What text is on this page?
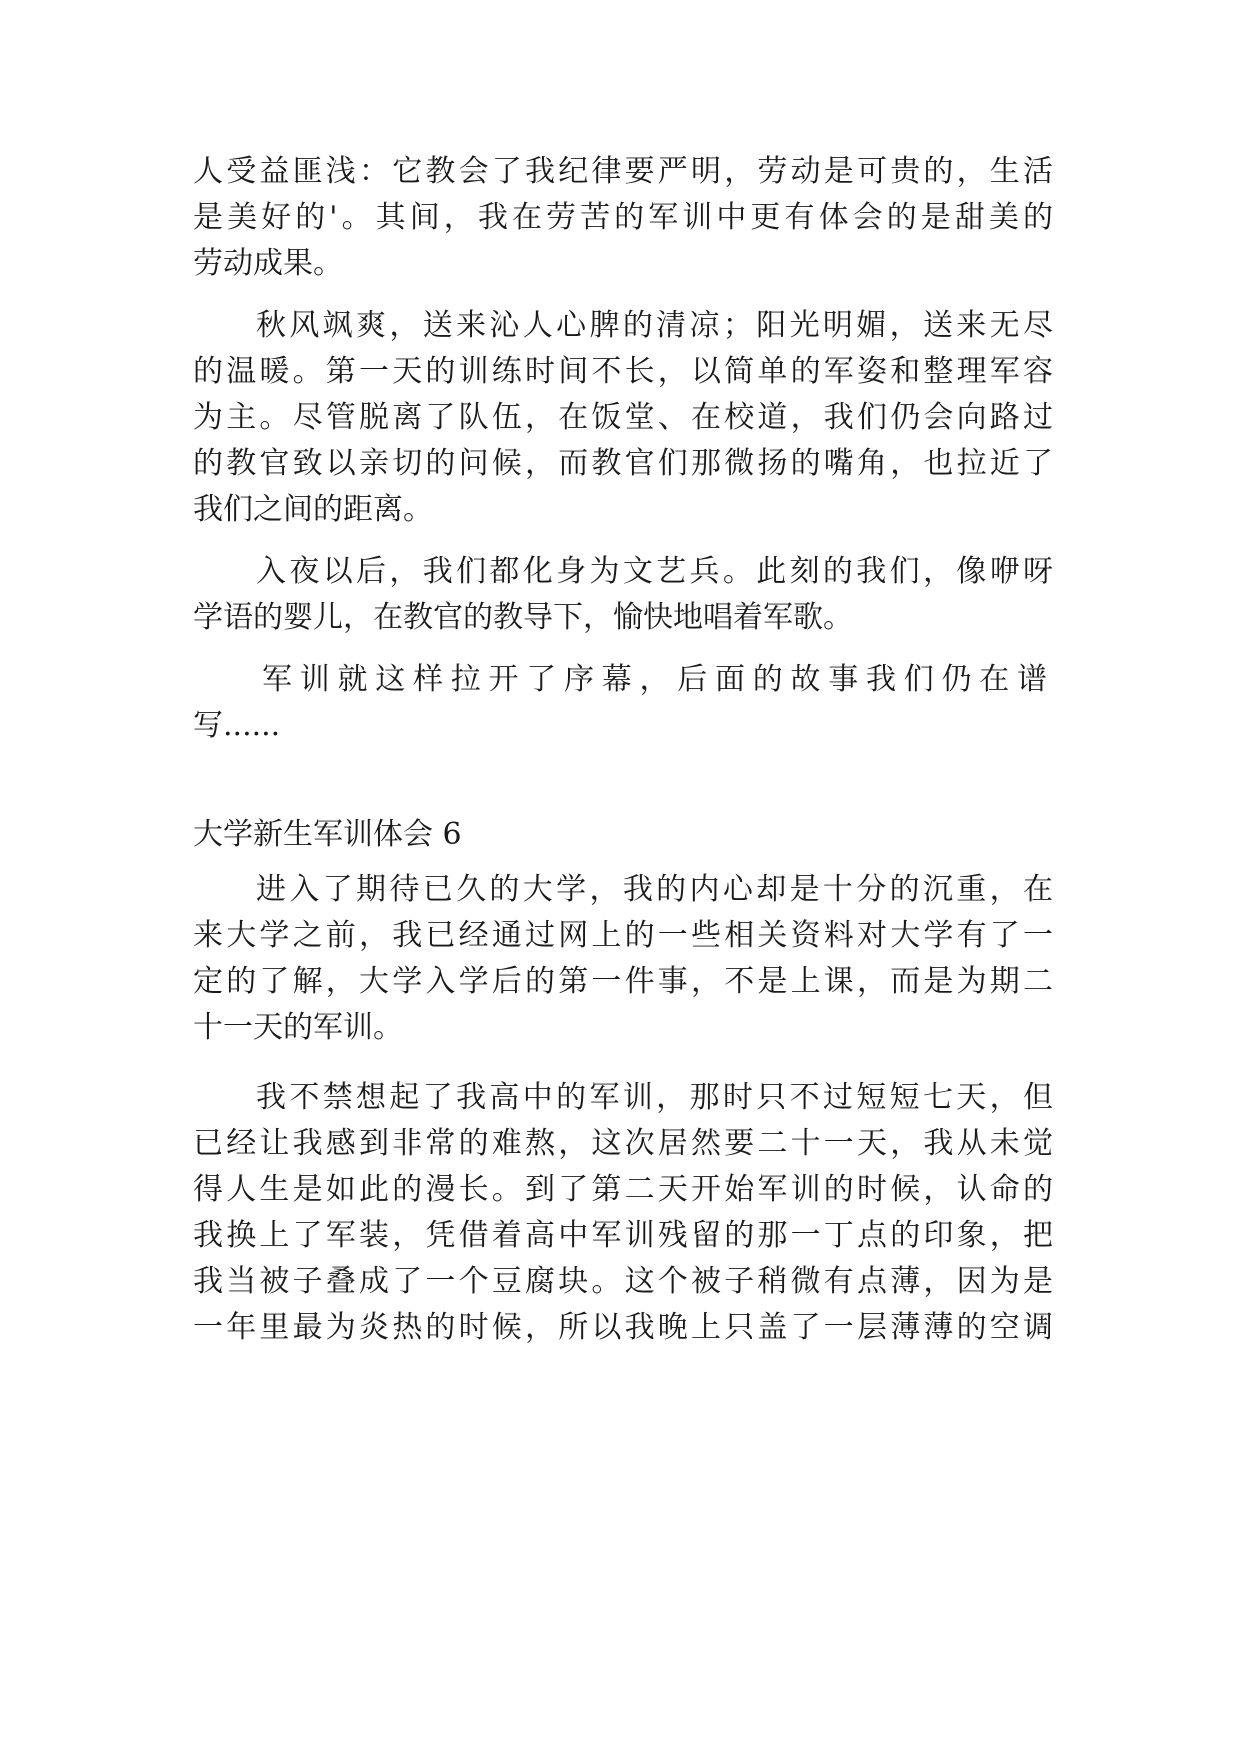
人受益匪浅：它教会了我纪律要严明，劳动是可贵的，生活

是美好的'。其间，我在劳苦的军训中更有体会的是甜美的

劳动成果。

秋风飒爽，送来沁人心脾的清凉；阳光明媚，送来无尽

的温暖。第一天的训练时间不长，以简单的军姿和整理军容

为主。尽管脱离了队伍，在饭堂、在校道，我们仍会向路过

的教官致以亲切的问候，而教官们那微扬的嘴角，也拉近了

我们之间的距离。

入夜以后，我们都化身为文艺兵。此刻的我们，像咿呀

学语的婴儿，在教官的教导下，愉快地唱着军歌。

军训就这样拉开了序幕，后面的故事我们仍在谱

写......

大学新生军训体会 6

进入了期待已久的大学，我的内心却是十分的沉重，在

来大学之前，我已经通过网上的一些相关资料对大学有了一

定的了解，大学入学后的第一件事，不是上课，而是为期二

十一天的军训。

我不禁想起了我高中的军训，那时只不过短短七天，但

已经让我感到非常的难熬，这次居然要二十一天，我从未觉

得人生是如此的漫长。到了第二天开始军训的时候，认命的

我换上了军装，凭借着高中军训残留的那一丁点的印象，把

我当被子叠成了一个豆腐块。这个被子稍微有点薄，因为是

一年里最为炎热的时候，所以我晚上只盖了一层薄薄的空调
